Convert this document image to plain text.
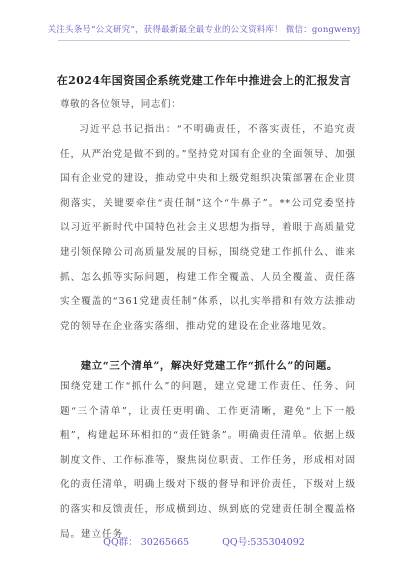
关注头条号“公文研究”，获得最新最全最专业的公文资料库！ 微信：gongwenyj
在2024年国资国企系统党建工作年中推进会上的汇报发言
尊敬的各位领导，同志们：
习近平总书记指出：“不明确责任，不落实责任，不追究责任，从严治党是做不到的。”坚持党对国有企业的全面领导、加强国有企业党的建设，推动党中央和上级党组织决策部署在企业贯彻落实，关键要牵住“责任制”这个“牛鼻子”。**公司党委坚持以习近平新时代中国特色社会主义思想为指导，着眼于高质量党建引领保障公司高质量发展的目标，围绕党建工作抓什么、谁来抓、怎么抓等实际问题，构建工作全覆盖、人员全覆盖、责任落实全覆盖的“361党建责任制”体系，以扎实举措和有效方法推动党的领导在企业落实落细、推动党的建设在企业落地见效。
建立“三个清单”，解决好党建工作“抓什么”的问题。
围绕党建工作“抓什么”的问题，建立党建工作责任、任务、问题“三个清单”，让责任更明确、工作更清晰，避免“上下一般粗”，构建起环环相扣的“责任链条”。明确责任清单。依据上级制度文件、工作标准等，聚焦岗位职责、工作任务，形成相对固化的责任清单，明确上级对下级的督导和评价责任，下级对上级的落实和反馈责任，形成横到边、纵到底的党建责任制全覆盖格局。建立任务
QQ群： 30265665	QQ号:535304092
